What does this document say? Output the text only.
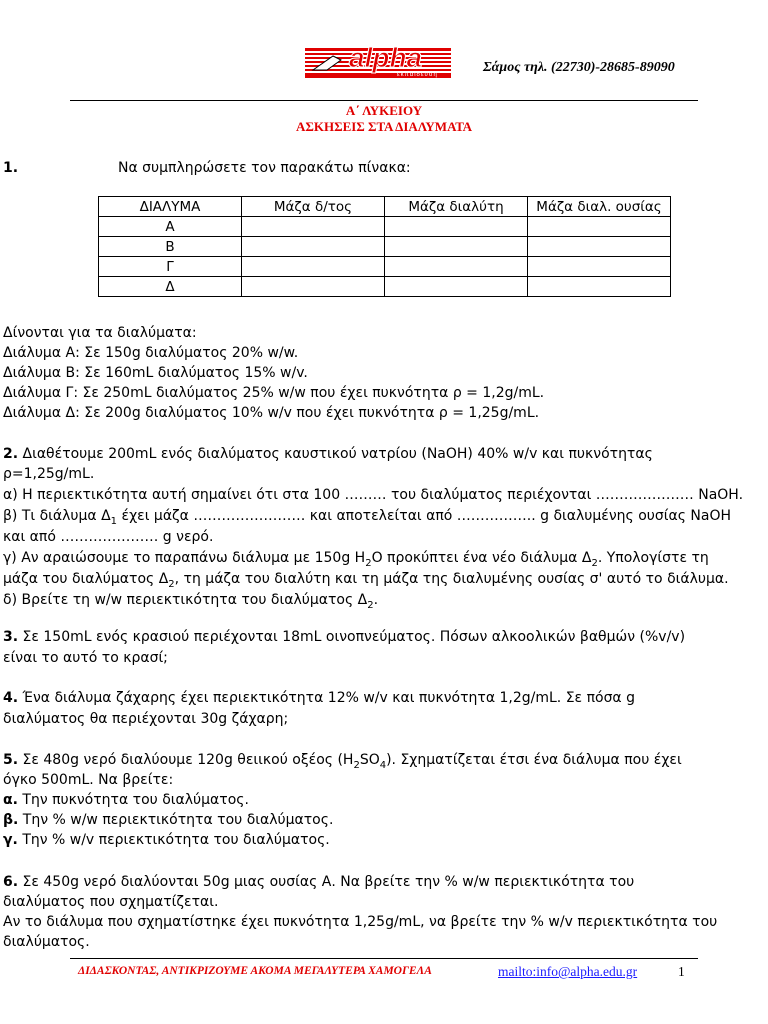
alpha
εκπαίδευση	Σάμος τηλ. (22730)-28685-89090
Α΄ ΛΥΚΕΙΟΥ
ΑΣΚΗΣΕΙΣ ΣΤΑ ΔΙΑΛΥΜΑΤΑ
1.	Να συμπληρώσετε τον παρακάτω πίνακα:
ΔΙΑΛΥΜΑ	Μάζα δ/τος	Μάζα διαλύτη	Μάζα διαλ. ουσίας
Α			
Β			
Γ			
Δ			
Δίνονται για τα διαλύματα:
Διάλυμα Α: Σε 150g διαλύματος 20% w/w.
Διάλυμα Β: Σε 160mL διαλύματος 15% w/v.
Διάλυμα Γ: Σε 250mL διαλύματος 25% w/w που έχει πυκνότητα ρ = 1,2g/mL.
Διάλυμα Δ: Σε 200g διαλύματος 10% w/v που έχει πυκνότητα ρ = 1,25g/mL.
2. Διαθέτουμε 200mL ενός διαλύματος καυστικού νατρίου (NaOH) 40% w/v και πυκνότητας
ρ=1,25g/mL.
α) Η περιεκτικότητα αυτή σημαίνει ότι στα 100 ……… του διαλύματος περιέχονται ………………… NaOH.
β) Τι διάλυμα $\Delta_1$ έχει μάζα …………………… και αποτελείται από …………….. g διαλυμένης ουσίας NaOH
και από ………………… g νερό.
γ) Αν αραιώσουμε το παραπάνω διάλυμα με 150g $H_2O$ προκύπτει ένα νέο διάλυμα $\Delta_2$. Υπολογίστε τη
μάζα του διαλύματος $\Delta_2$, τη μάζα του διαλύτη και τη μάζα της διαλυμένης ουσίας σ' αυτό το διάλυμα.
δ) Βρείτε τη w/w περιεκτικότητα του διαλύματος $\Delta_2$.
3. Σε 150mL ενός κρασιού περιέχονται 18mL οινοπνεύματος. Πόσων αλκοολικών βαθμών (%v/v)
είναι το αυτό το κρασί;
4. Ένα διάλυμα ζάχαρης έχει περιεκτικότητα 12% w/v και πυκνότητα 1,2g/mL. Σε πόσα g
διαλύματος θα περιέχονται 30g ζάχαρη;
5. Σε 480g νερό διαλύουμε 120g θειικού οξέος $(H_2SO_4)$. Σχηματίζεται έτσι ένα διάλυμα που έχει
όγκο 500mL. Να βρείτε:
α. Την πυκνότητα του διαλύματος.
β. Την % w/w περιεκτικότητα του διαλύματος.
γ. Την % w/v περιεκτικότητα του διαλύματος.
6. Σε 450g νερό διαλύονται 50g μιας ουσίας Α. Να βρείτε την % w/w περιεκτικότητα του
διαλύματος που σχηματίζεται.
Αν το διάλυμα που σχηματίστηκε έχει πυκνότητα 1,25g/mL, να βρείτε την % w/v περιεκτικότητα του
διαλύματος.
ΔΙΔΑΣΚΟΝΤΑΣ, ΑΝΤΙΚΡΙΖΟΥΜΕ ΑΚΟΜΑ ΜΕΓΑΛΥΤΕΡΑ ΧΑΜΟΓΕΛΑ	mailto:info@alpha.edu.gr	1
